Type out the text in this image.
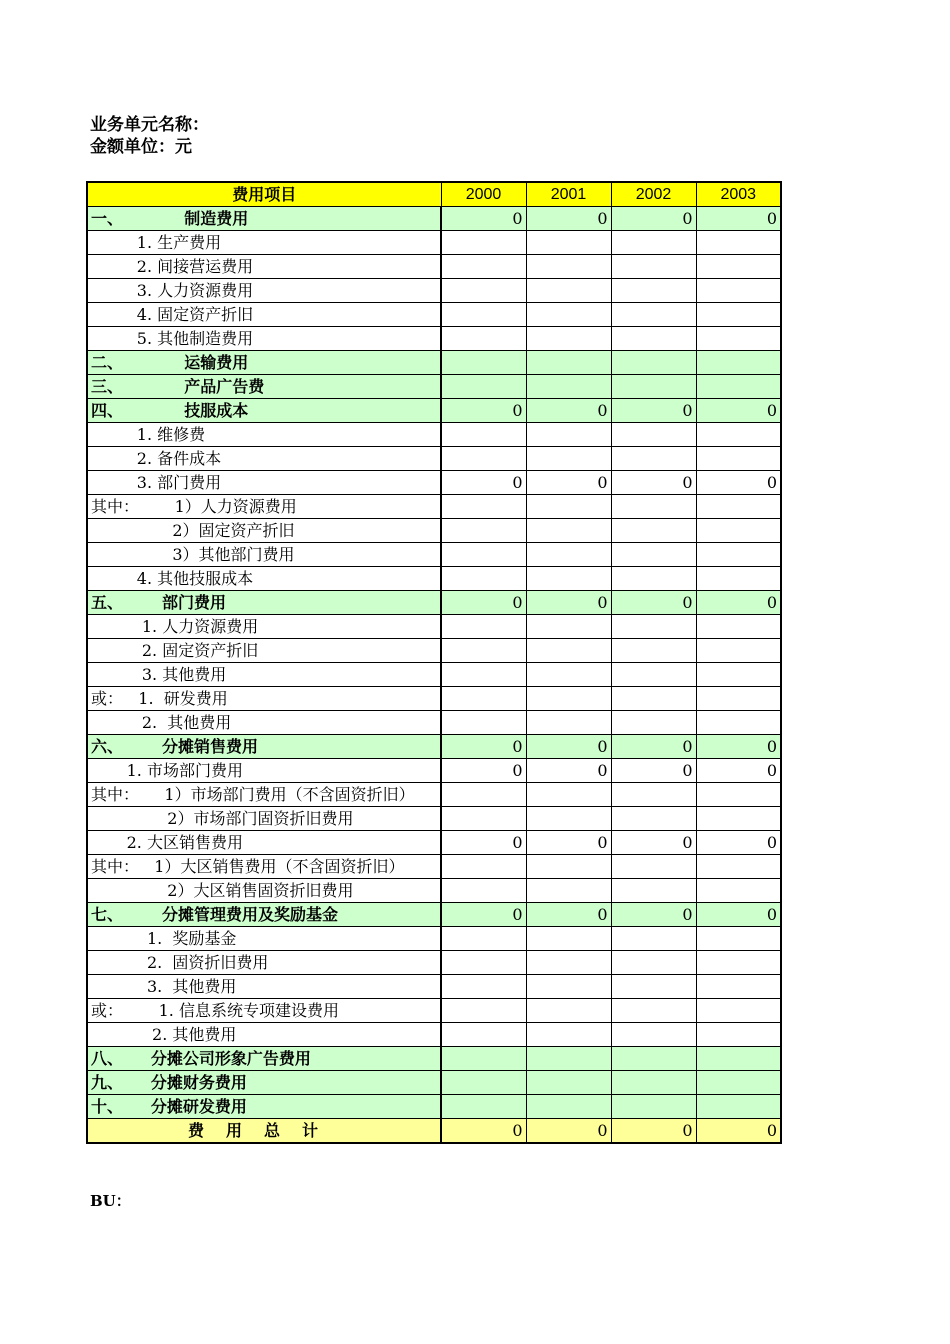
业务单元名称：
金额单位：元
费用项目	2000	2001	2002	2003
一、           制造费用	0	0	0	0
1. 生产费用				
2. 间接营运费用				
3. 人力资源费用				
4. 固定资产折旧				
5. 其他制造费用				
二、           运输费用				
三、           产品广告费				
四、           技服成本	0	0	0	0
1. 维修费				
2. 备件成本				
3. 部门费用	0	0	0	0
其中：       1）人力资源费用				
2）固定资产折旧				
3）其他部门费用				
4. 其他技服成本				
五、       部门费用	0	0	0	0
1. 人力资源费用				
2. 固定资产折旧				
3. 其他费用				
或：   1.  研发费用				
2.  其他费用				
六、       分摊销售费用	0	0	0	0
1. 市场部门费用	0	0	0	0
其中：     1）市场部门费用（不含固资折旧）				
2）市场部门固资折旧费用				
2. 大区销售费用	0	0	0	0
其中：   1）大区销售费用（不含固资折旧）				
2）大区销售固资折旧费用				
七、       分摊管理费用及奖励基金	0	0	0	0
1.  奖励基金				
2.  固资折旧费用				
3.  其他费用				
或：       1. 信息系统专项建设费用				
2. 其他费用				
八、     分摊公司形象广告费用				
九、     分摊财务费用				
十、     分摊研发费用				
费用总计	0	0	0	0
BU：
